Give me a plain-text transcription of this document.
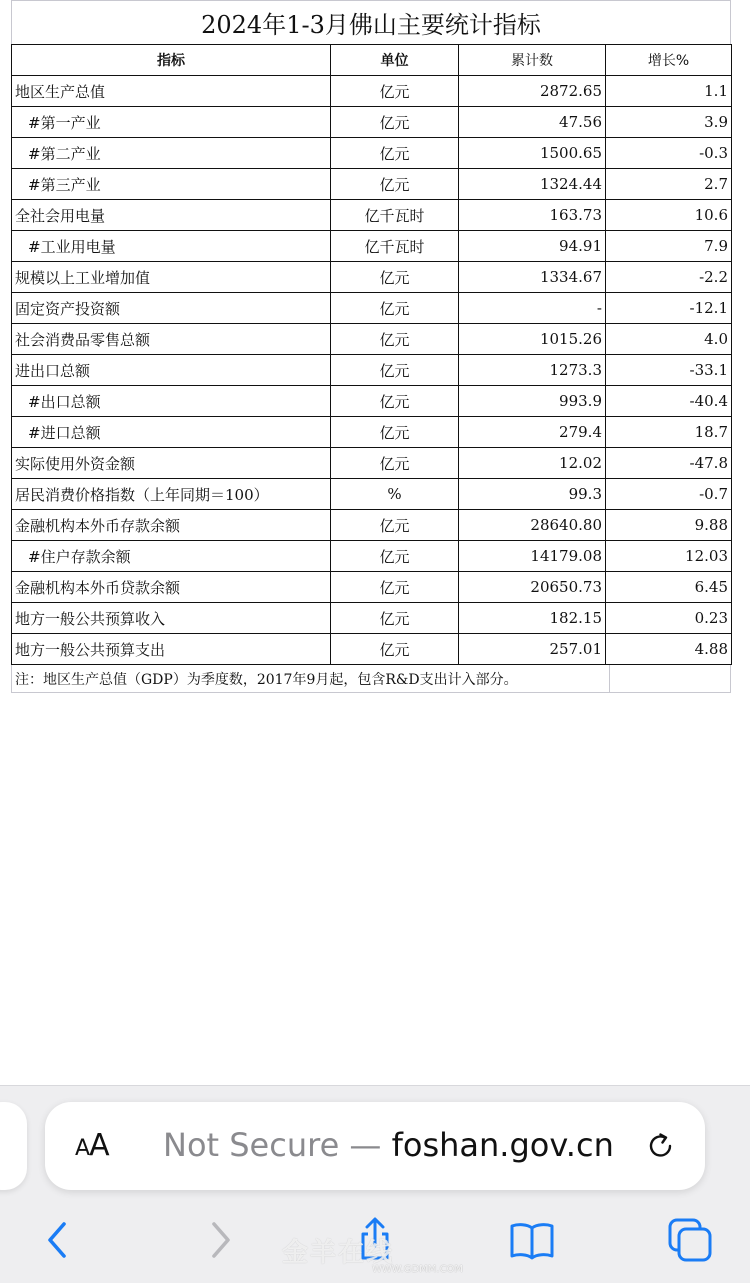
2024年1-3月佛山主要统计指标
指标	单位	累计数	增长%
地区生产总值	亿元	2872.65	1.1
#第一产业	亿元	47.56	3.9
#第二产业	亿元	1500.65	-0.3
#第三产业	亿元	1324.44	2.7
全社会用电量	亿千瓦时	163.73	10.6
#工业用电量	亿千瓦时	94.91	7.9
规模以上工业增加值	亿元	1334.67	-2.2
固定资产投资额	亿元	-	-12.1
社会消费品零售总额	亿元	1015.26	4.0
进出口总额	亿元	1273.3	-33.1
#出口总额	亿元	993.9	-40.4
#进口总额	亿元	279.4	18.7
实际使用外资金额	亿元	12.02	-47.8
居民消费价格指数（上年同期＝100）	%	99.3	-0.7
金融机构本外币存款余额	亿元	28640.80	9.88
#住户存款余额	亿元	14179.08	12.03
金融机构本外币贷款余额	亿元	20650.73	6.45
地方一般公共预算收入	亿元	182.15	0.23
地方一般公共预算支出	亿元	257.01	4.88
注：地区生产总值（GDP）为季度数，2017年9月起，包含R&D支出计入部分。
AA Not Secure — foshan.gov.cn
金羊在线
WWW.GDMM.COM
